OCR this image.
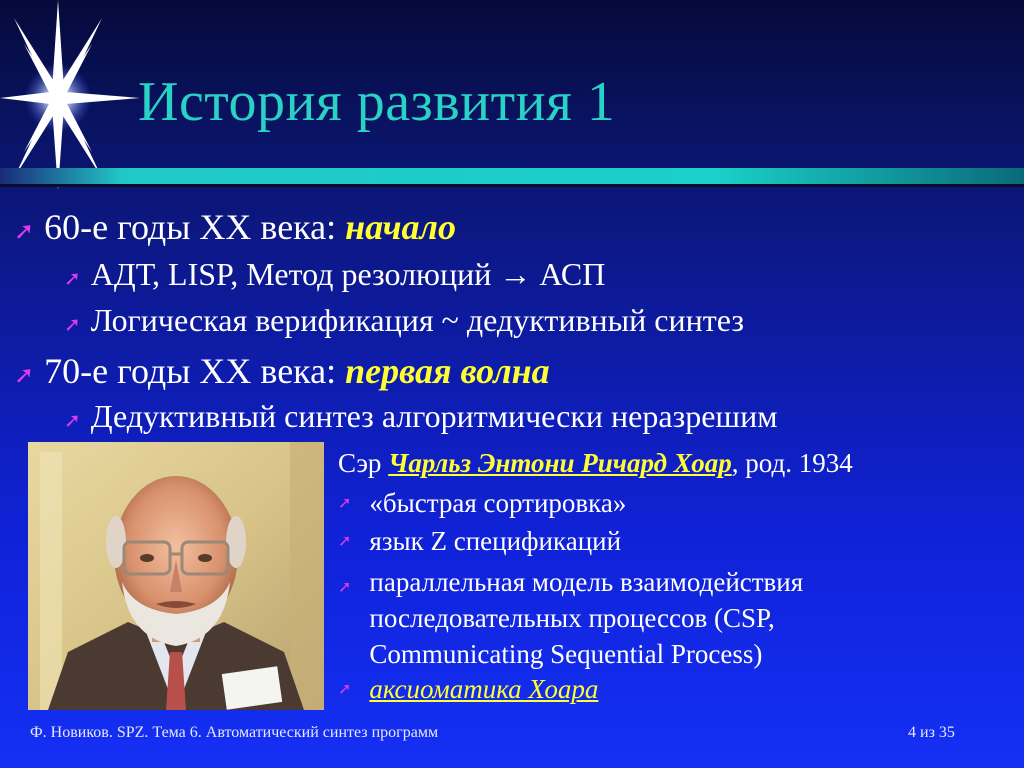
История развития 1
➚ 60-е годы XX века: начало
➚ АДТ, LISP, Метод резолюций → АСП
➚ Логическая верификация ~ дедуктивный синтез
➚ 70-е годы XX века: первая волна
➚ Дедуктивный синтез алгоритмически неразрешим
Сэр Чарльз Энтони Ричард Хоар , род. 1934
➚ «быстрая сортировка»
➚ язык Z спецификаций
➚ параллельная модель взаимодействия последовательных процессов (CSP, Communicating Sequential Process)
➚ аксиоматика Хоара
Ф. Новиков. SPZ. Тема 6. Автоматический синтез программ	4 из 35
